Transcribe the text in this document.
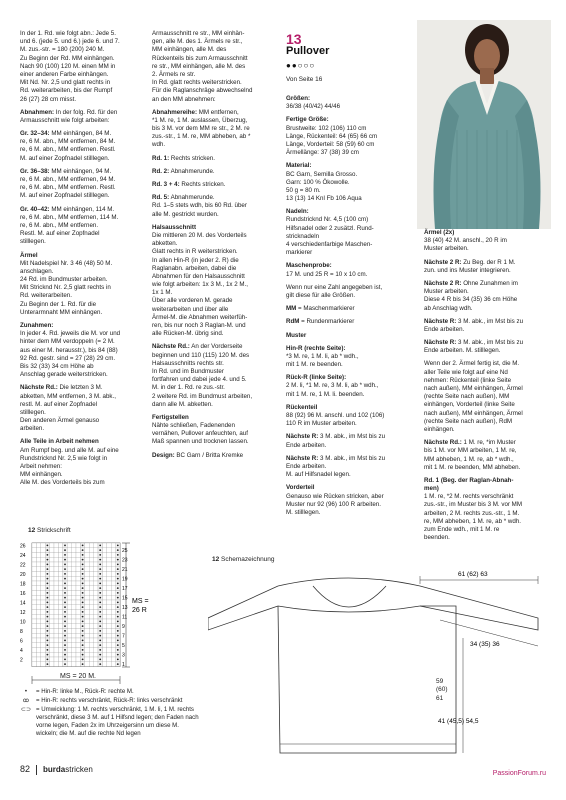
In der 1. Rd. wie folgt abn.: Jede 5.
und 6. (jede 5. und 6.) jede 6. und 7.
M. zus.-str. = 180 (200) 240 M.
Zu Beginn der Rd. MM einhängen.
Nach 90 (100) 120 M. einen MM in
einer anderen Farbe einhängen.
Mit Nd. Nr. 2,5 und glatt rechts in
Rd. weiterarbeiten, bis der Rumpf
26 (27) 28 cm misst.

Abnahmen: In der folg. Rd. für den
Armausschnitt wie folgt arbeiten:

Gr. 32–34: MM einhängen, 84 M.
re, 6 M. abn., MM entfernen, 84 M.
re, 6 M. abn., MM entfernen. Restl.
M. auf einer Zopfnadel stilllegen.

Gr. 36–38: MM einhängen, 94 M.
re, 6 M. abn., MM entfernen, 94 M.
re, 6 M. abn., MM entfernen. Restl.
M. auf einer Zopfnadel stilllegen.

Gr. 40–42: MM einhängen, 114 M.
re, 6 M. abn., MM entfernen, 114 M.
re, 6 M. abn., MM entfernen.
Restl. M. auf einer Zopfnadel
stilllegen.

Ärmel
Mit Nadelspiel Nr. 3 46 (48) 50 M.
anschlagen.
24 Rd. im Bundmuster arbeiten.
Mit Stricknd Nr. 2,5 glatt rechts in
Rd. weiterarbeiten.
Zu Beginn der 1. Rd. für die
Unterarmnaht MM einhängen.

Zunahmen:
In jeder 4. Rd. jeweils die M. vor und
hinter dem MM verdoppeln (= 2 M.
aus einer M. herausstr.), bis 84 (88)
92 Rd. gestr. sind = 27 (28) 29 cm.
Bis 32 (33) 34 cm Höhe ab
Anschlag gerade weiterstricken.

Nächste Rd.: Die letzten 3 M.
abketten, MM entfernen, 3 M. abk.,
restl. M. auf einer Zopfnadel
stilllegen.
Den anderen Ärmel genauso
arbeiten.

Alle Teile in Arbeit nehmen
Am Rumpf beg. und alle M. auf eine
Rundstricknd Nr. 2,5 wie folgt in
Arbeit nehmen:
MM einhängen.
Alle M. des Vorderteils bis zum

Armausschnitt re str., MM einhän-
gen, alle M. des 1. Ärmels re str.,
MM einhängen, alle M. des
Rückenteils bis zum Armausschnitt
re str., MM einhängen, alle M. des
2. Ärmels re str.
In Rd. glatt rechts weiterstricken.
Für die Raglanschräge abwechselnd
an den MM abnehmen:

Abnahmereihe: MM entfernen,
*1 M. re, 1 M. auslassen, Überzug,
bis 3 M. vor dem MM re str., 2 M. re
zus.-str., 1 M. re, MM abheben, ab *
wdh.

Rd. 1: Rechts stricken.

Rd. 2: Abnahmerunde.

Rd. 3 + 4: Rechts stricken.

Rd. 5: Abnahmerunde.
Rd. 1–5 stets wdh, bis 60 Rd. über
alle M. gestrickt wurden.

Halsausschnitt
Die mittleren 20 M. des Vorderteils
abketten.
Glatt rechts in R weiterstricken.
In allen Hin-R (in jeder 2. R) die
Raglanabn. arbeiten, dabei die
Abnahmen für den Halsausschnitt
wie folgt arbeiten: 1x 3 M., 1x 2 M.,
1x 1 M.
Über alle vorderen M. gerade
weiterarbeiten und über alle
Ärmel-M. die Abnahmen weiterfüh-
ren, bis nur noch 3 Raglan-M. und
alle Rücken-M. übrig sind.

Nächste Rd.: An der Vorderseite
beginnen und 110 (115) 120 M. des
Halsausschnitts rechts str.
In Rd. und im Bundmuster
fortfahren und dabei jede 4. und 5.
M. in der 1. Rd. re zus.-str.
2 weitere Rd. im Bundmust arbeiten,
dann alle M. abketten.

Fertigstellen
Nähte schließen, Fadenenden
vernähen, Pullover anfeuchten, auf
Maß spannen und trocknen lassen.

Design: BC Garn / Britta Kremke

13
Pullover
●●○○○
Von Seite 16

Größen:
36/38 (40/42) 44/46

Fertige Größe:
Brustweite: 102 (106) 110 cm
Länge, Rückenteil: 64 (65) 66 cm
Länge, Vorderteil: 58 (59) 60 cm
Ärmellänge: 37 (38) 39 cm

Material:
BC Garn, Semilla Grosso.
Garn: 100 % Ökowolle.
50 g = 80 m.
13 (13) 14 Knl Fb 106 Aqua

Nadeln:
Rundstricknd Nr. 4,5 (100 cm)
Hilfsnadel oder 2 zusätzl. Rund-
stricknadeln
4 verschiedenfarbige Maschen-
markierer

Maschenprobe:
17 M. und 25 R = 10 x 10 cm.

Wenn nur eine Zahl angegeben ist,
gilt diese für alle Größen.

MM = Maschenmarkierer

RdM = Rundenmarkierer

Muster

Hin-R (rechte Seite):
*3 M. re, 1 M. li, ab * wdh.,
mit 1 M. re beenden.

Rück-R (linke Seite):
2 M. li, *1 M. re, 3 M. li, ab * wdh.,
mit 1 M. re, 1 M. li. beenden.

Rückenteil
88 (92) 96 M. anschl. und 102 (106)
110 R im Muster arbeiten.

Nächste R: 3 M. abk., im Mst bis zu
Ende arbeiten.

Nächste R: 3 M. abk., im Mst bis zu
Ende arbeiten.
M. auf Hilfsnadel legen.

Vorderteil
Genauso wie Rücken stricken, aber
Muster nur 92 (96) 100 R arbeiten.
M. stilllegen.

Ärmel (2x)
38 (40) 42 M. anschl., 20 R im
Muster arbeiten.

Nächste 2 R: Zu Beg. der R 1 M.
zun. und ins Muster integrieren.

Nächste 2 R: Ohne Zunahmen im
Muster arbeiten.
Diese 4 R bis 34 (35) 36 cm Höhe
ab Anschlag wdh.

Nächste R: 3 M. abk., im Mst bis zu
Ende arbeiten.

Nächste R: 3 M. abk., im Mst bis zu
Ende arbeiten. M. stilllegen.

Wenn der 2. Ärmel fertig ist, die M.
aller Teile wie folgt auf eine Nd
nehmen: Rückenteil (linke Seite
nach außen), MM einhängen, Ärmel
(rechte Seite nach außen), MM
einhängen, Vorderteil (linke Seite
nach außen), MM einhängen, Ärmel
(rechte Seite nach außen), RdM
einhängen.

Nächste Rd.: 1 M. re, *im Muster
bis 1 M. vor MM arbeiten, 1 M. re,
MM abheben, 1 M. re, ab * wdh.,
mit 1 M. re beenden, MM abheben.

Rd. 1 (Beg. der Raglan-Abnah-
men)
1 M. re, *2 M. rechts verschränkt
zus.-str., im Muster bis 3 M. vor MM
arbeiten, 2 M. rechts zus.-str., 1 M.
re, MM abheben, 1 M. re, ab * wdh.
zum Ende wdh., mit 1 M. re
beenden.

12 Strickschrift
26
24
22
20
18
16
14
12
10
8
6
4
2
25
23
21
19
17
15
13
11
9
7
5
3
1
MS =
26 R
MS = 20 M.
12 Schemazeichnung
61 (62) 63
34 (35) 36
41 (45,5) 54,5
59
(60)
61
•	= Hin-R: linke M., Rück-R: rechte M.
ꝏ	= Hin-R: rechts verschränkt, Rück-R: links verschränkt
⊂⊃ = Umwicklung: 1 M. rechts verschränkt, 1 M. li, 1 M. rechts
verschränkt, diese 3 M. auf 1 Hilfsnd legen; den Faden nach
vorne legen, Faden 2x im Uhrzeigersinn um diese M.
wickeln; die M. auf die rechte Nd legen
82 burdastricken	PassionForum.ru
